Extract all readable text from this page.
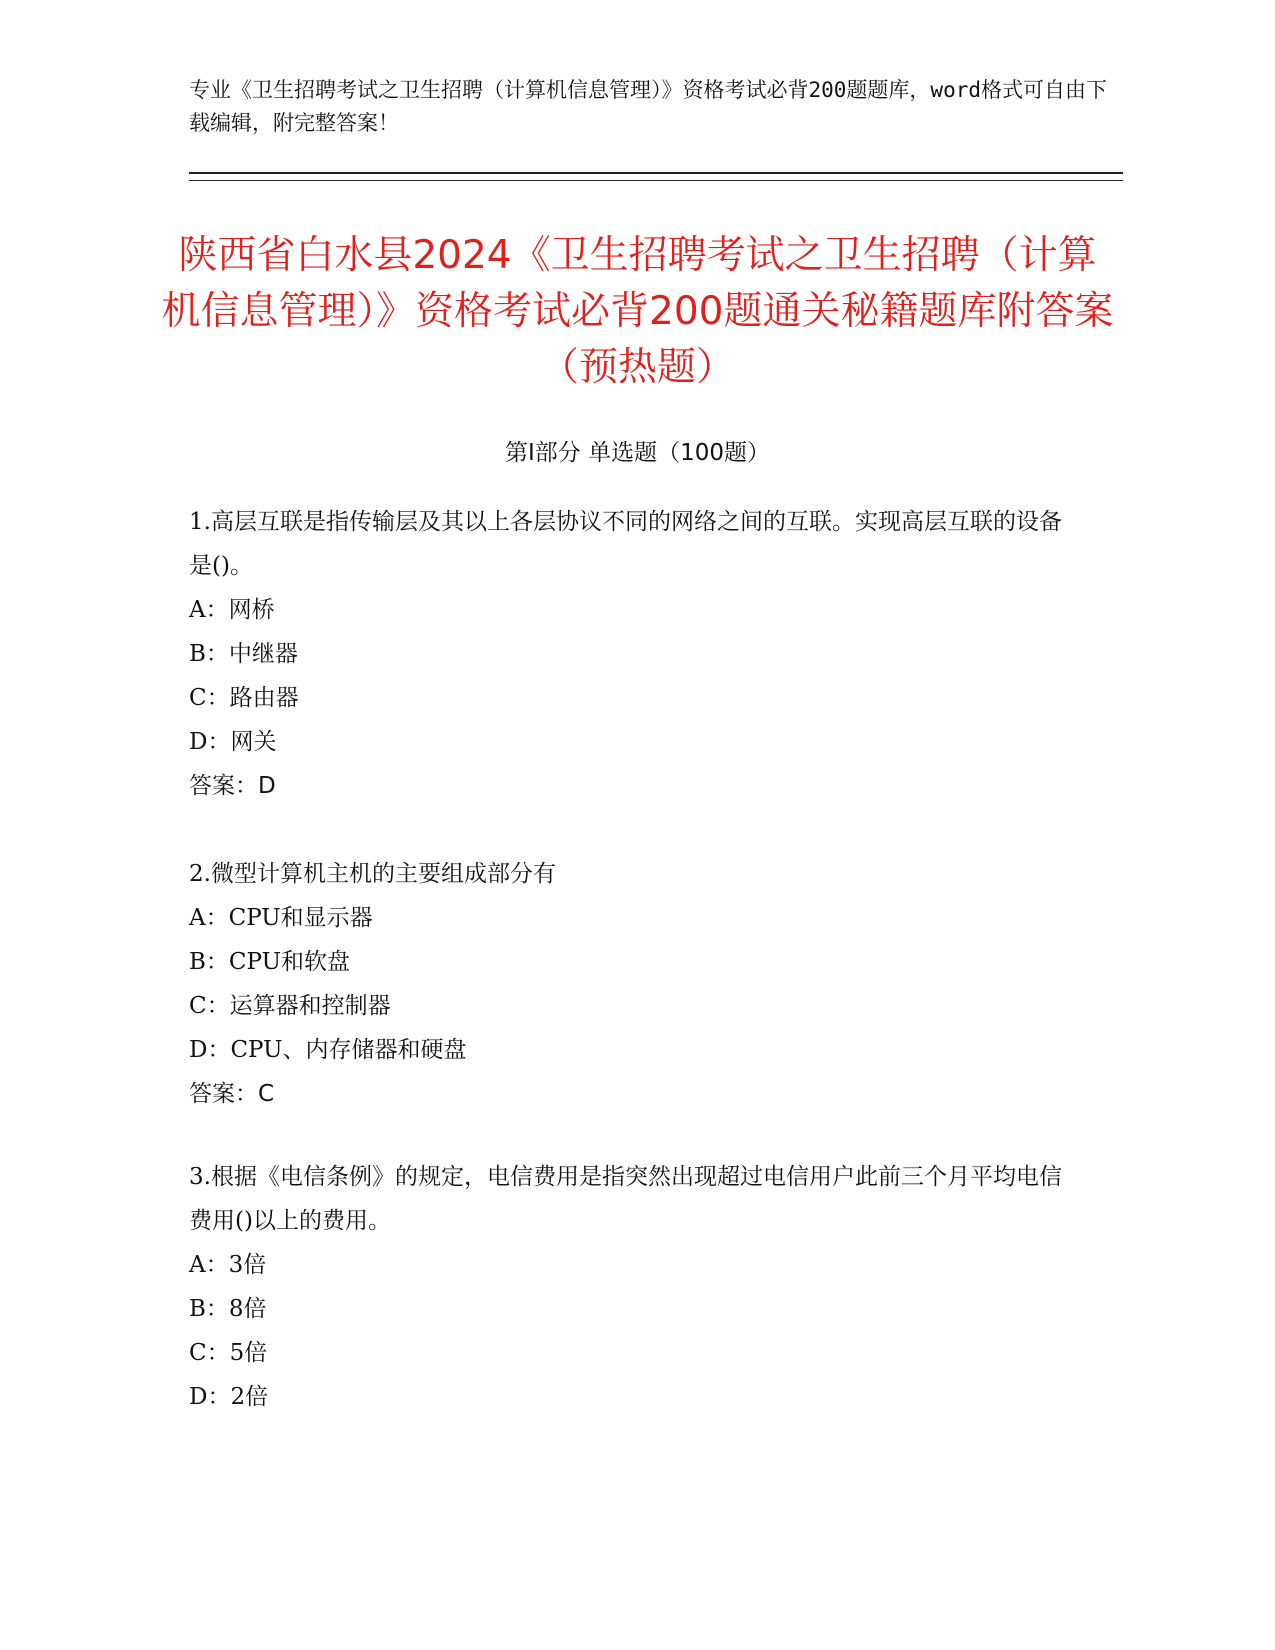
专业《卫生招聘考试之卫生招聘（计算机信息管理）》资格考试必背200题题库，word格式可自由下载编辑，附完整答案！
陕西省白水县2024《卫生招聘考试之卫生招聘（计算机信息管理）》资格考试必背200题通关秘籍题库附答案（预热题）
第Ⅰ部分 单选题（100题）

1.高层互联是指传输层及其以上各层协议不同的网络之间的互联。实现高层互联的设备是()。

A：网桥

B：中继器

C：路由器

D：网关

答案：D

2.微型计算机主机的主要组成部分有

A：CPU和显示器

B：CPU和软盘

C：运算器和控制器

D：CPU、内存储器和硬盘

答案：C

3.根据《电信条例》的规定，电信费用是指突然出现超过电信用户此前三个月平均电信费用()以上的费用。

A：3倍

B：8倍

C：5倍

D：2倍
